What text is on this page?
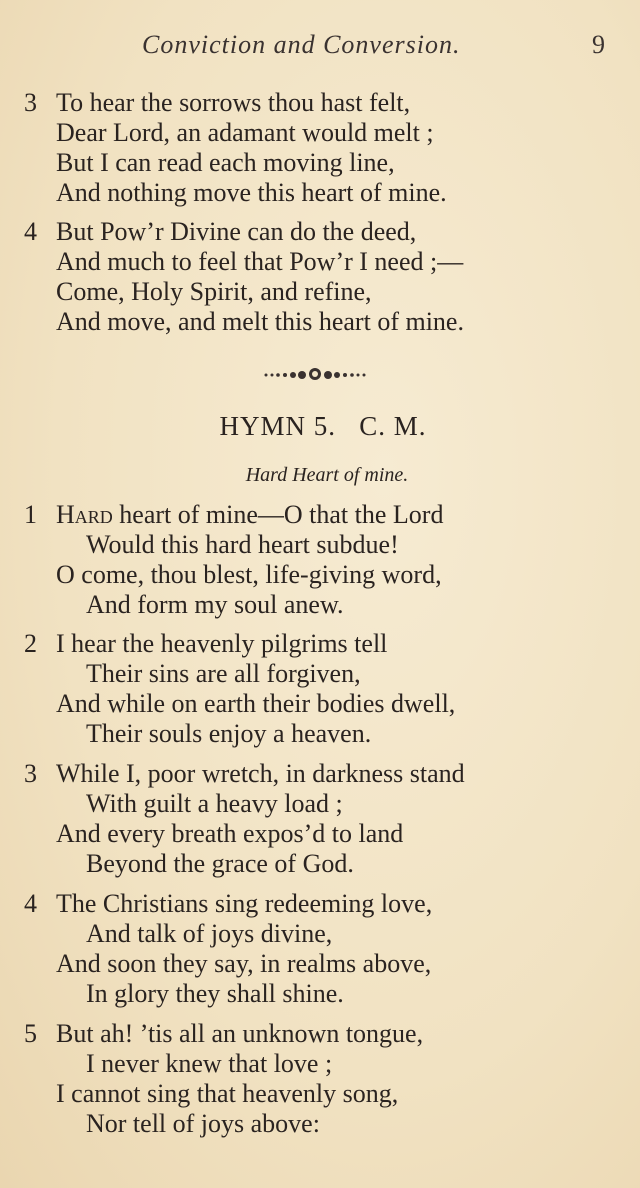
Conviction and Conversion.	9
3 To hear the sorrows thou hast felt,
Dear Lord, an adamant would melt ;
But I can read each moving line,
And nothing move this heart of mine.
4 But Pow’r Divine can do the deed,
And much to feel that Pow’r I need ;—
Come, Holy Spirit, and refine,
And move, and melt this heart of mine.
HYMN 5.   C. M.
Hard Heart of mine.
1 Hard heart of mine—O that the Lord
Would this hard heart subdue!
O come, thou blest, life-giving word,
And form my soul anew.
2 I hear the heavenly pilgrims tell
Their sins are all forgiven,
And while on earth their bodies dwell,
Their souls enjoy a heaven.
3 While I, poor wretch, in darkness stand
With guilt a heavy load ;
And every breath expos’d to land
Beyond the grace of God.
4 The Christians sing redeeming love,
And talk of joys divine,
And soon they say, in realms above,
In glory they shall shine.
5 But ah! ’tis all an unknown tongue,
I never knew that love ;
I cannot sing that heavenly song,
Nor tell of joys above:
